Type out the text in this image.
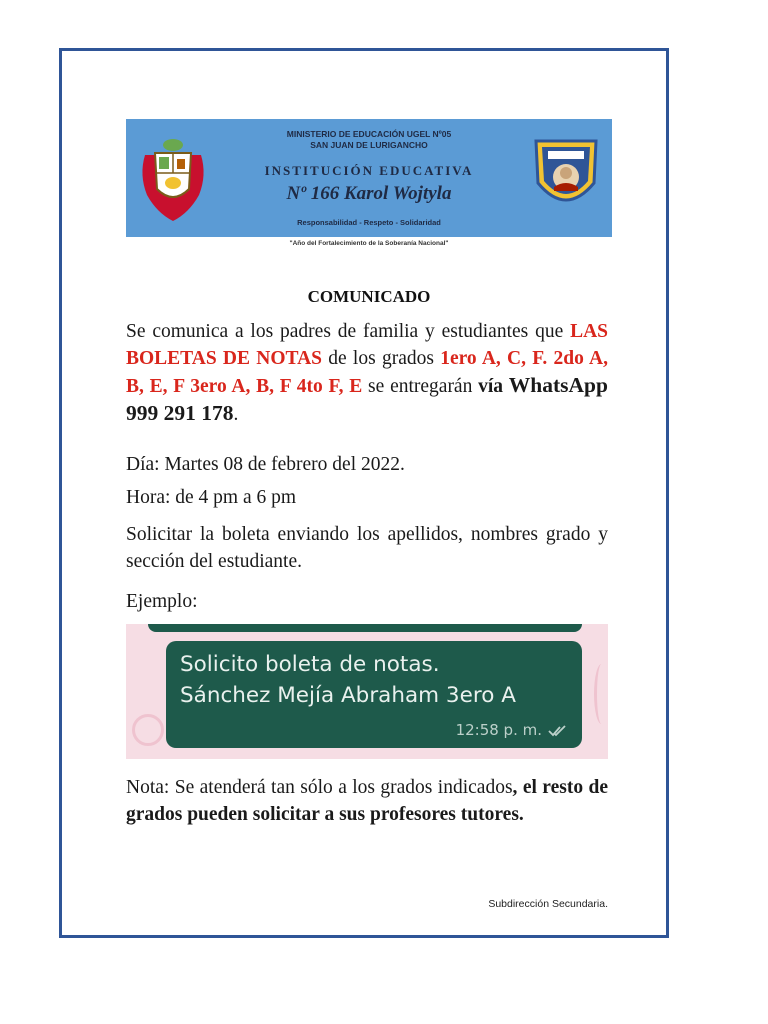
MINISTERIO DE EDUCACIÓN UGEL Nº05
SAN JUAN DE LURIGANCHO
INSTITUCIÓN EDUCATIVA
Nº 166 Karol Wojtyla
Responsabilidad - Respeto - Solidaridad
"Año del Fortalecimiento de la Soberanía Nacional"
COMUNICADO
Se comunica a los padres de familia y estudiantes que LAS BOLETAS DE NOTAS de los grados 1ero A, C, F. 2do A, B, E, F 3ero A, B, F 4to F, E se entregarán vía WhatsApp 999 291 178.
Día: Martes 08 de febrero del 2022.
Hora: de 4 pm a 6 pm
Solicitar la boleta enviando los apellidos, nombres grado y sección del estudiante.
Ejemplo:
Solicito boleta de notas.
Sánchez Mejía Abraham 3ero A
12:58 p. m.
Nota: Se atenderá tan sólo a los grados indicados, el resto de grados pueden solicitar a sus profesores tutores.
Subdirección Secundaria.
